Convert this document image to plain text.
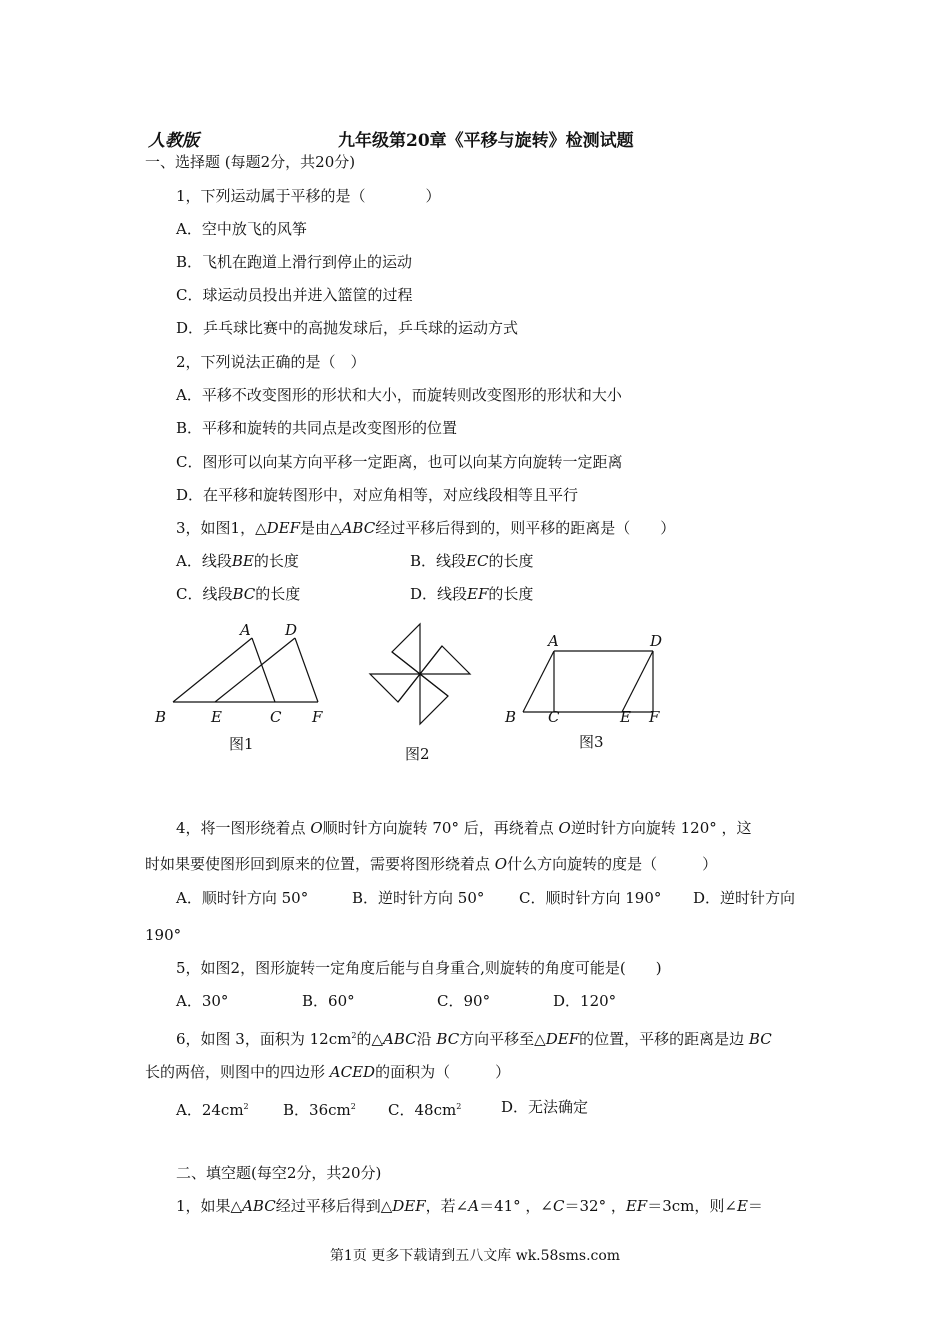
人教版	九年级第20章《平移与旋转》检测试题
一、选择题 (每题2分，共20分)
1，下列运动属于平移的是（　　　　）
A．空中放飞的风筝
B．飞机在跑道上滑行到停止的运动
C．球运动员投出并进入篮筐的过程
D．乒乓球比赛中的高抛发球后，乒乓球的运动方式
2，下列说法正确的是（　）
A．平移不改变图形的形状和大小，而旋转则改变图形的形状和大小
B．平移和旋转的共同点是改变图形的位置
C．图形可以向某方向平移一定距离，也可以向某方向旋转一定距离
D．在平移和旋转图形中，对应角相等，对应线段相等且平行
3，如图1，△DEF是由△ABC经过平移后得到的，则平移的距离是（　　）
A．线段BE的长度	B．线段EC的长度
C．线段BC的长度	D．线段EF的长度
A D
B	E	C F
图1
图2
A	D
B C	E F
图3
4，将一图形绕着点 O顺时针方向旋转 70° 后，再绕着点 O逆时针方向旋转 120° ，这
时如果要使图形回到原来的位置，需要将图形绕着点 O什么方向旋转的度是（　　　）
A．顺时针方向 50°	B．逆时针方向 50° C．顺时针方向 190° D．逆时针方向
190°
5，如图2，图形旋转一定角度后能与自身重合,则旋转的角度可能是(　　)
A．30°	B．60°	C．90°	D．120°
6，如图 3，面积为 $12cm^2$的△ABC沿 BC方向平移至△DEF的位置，平移的距离是边 BC
长的两倍，则图中的四边形 ACED的面积为（　　　）
A．$24cm^2$ B．$36cm^2$ C．$48cm^2$	D．无法确定
二、填空题(每空2分，共20分)
1，如果△ABC经过平移后得到△DEF，若∠A＝41° ，∠C＝32° ，EF＝3cm，则∠E＝
第1页 更多下载请到五八文库 wk.58sms.com
